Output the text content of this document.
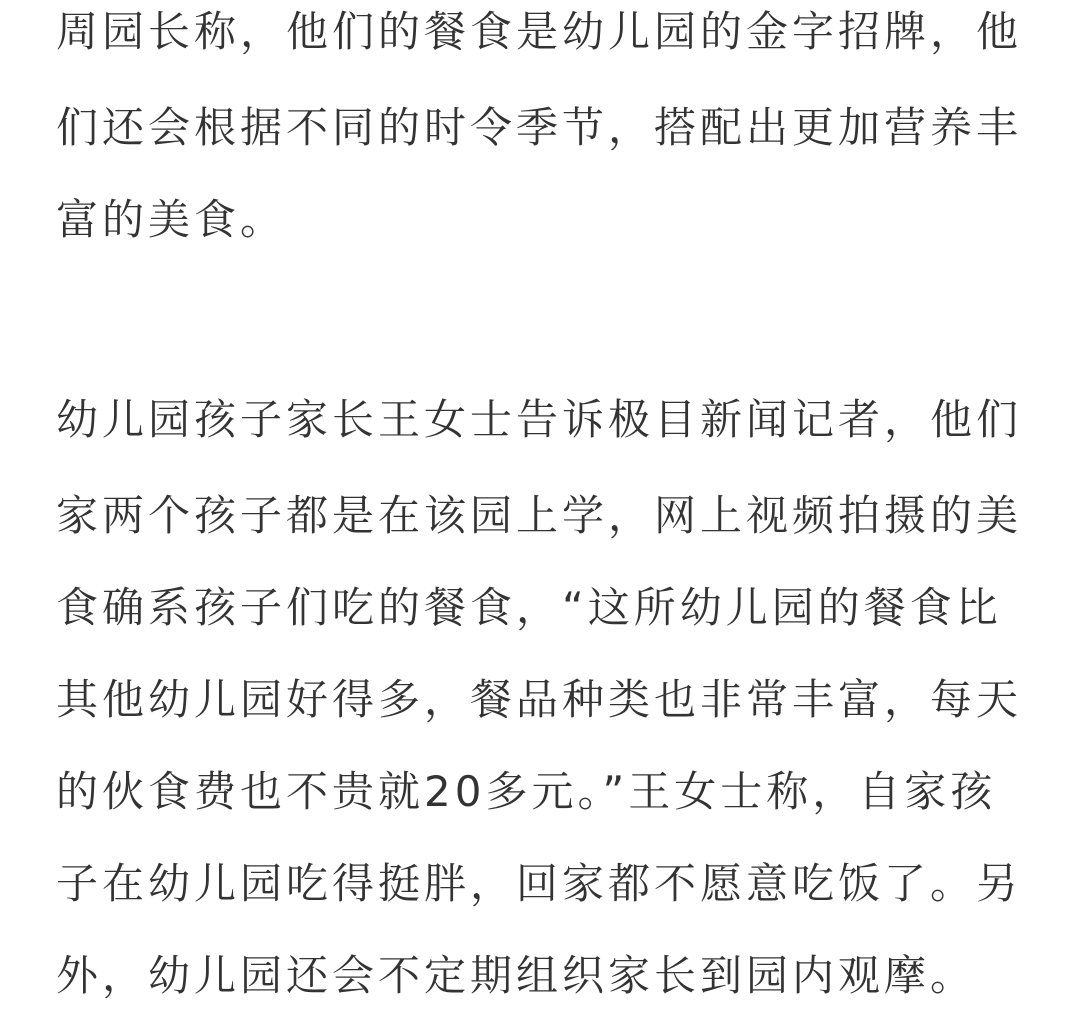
周园长称，他们的餐食是幼儿园的金字招牌，他
们还会根据不同的时令季节，搭配出更加营养丰
富的美食。
幼儿园孩子家长王女士告诉极目新闻记者，他们
家两个孩子都是在该园上学，网上视频拍摄的美
食确系孩子们吃的餐食，“这所幼儿园的餐食比
其他幼儿园好得多，餐品种类也非常丰富，每天
的伙食费也不贵就20多元。”王女士称，自家孩
子在幼儿园吃得挺胖，回家都不愿意吃饭了。另
外，幼儿园还会不定期组织家长到园内观摩。
